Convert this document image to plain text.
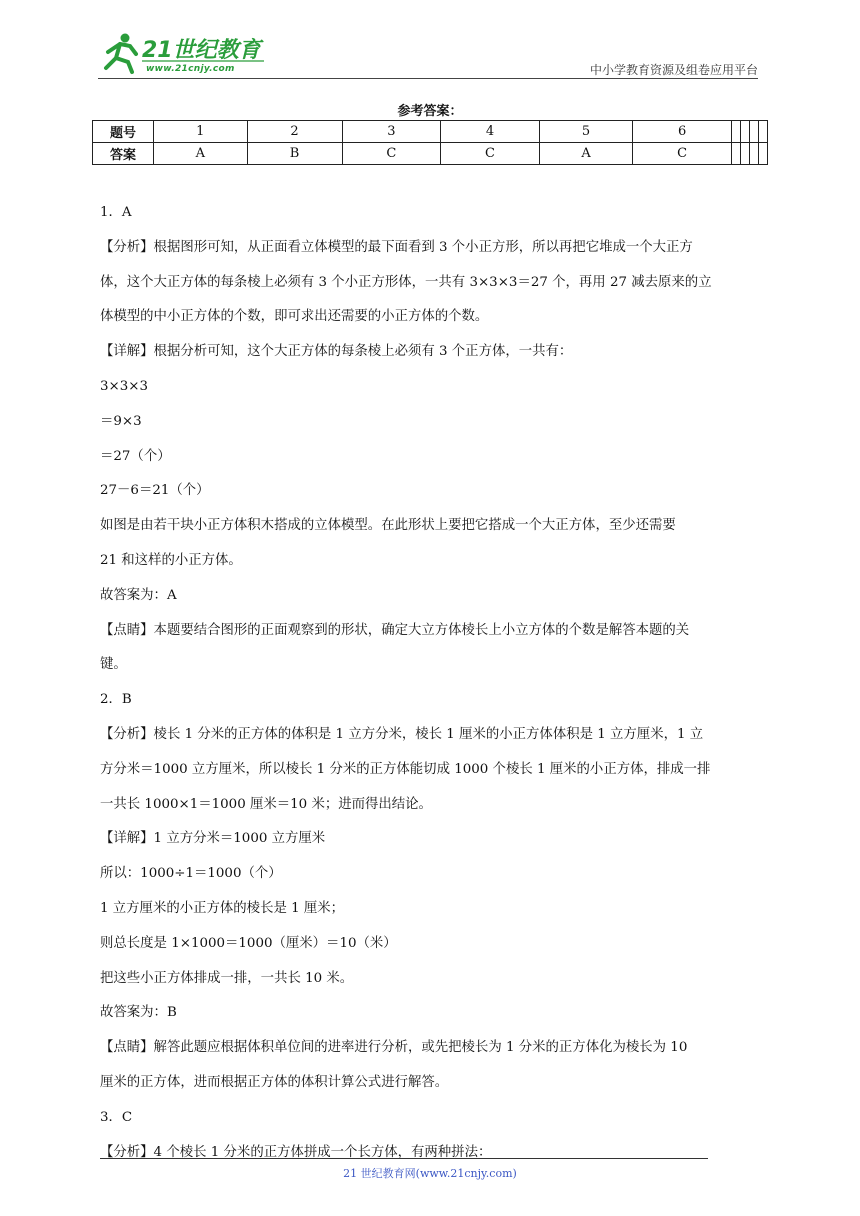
21世纪教育
www.21cnjy.com	中小学教育资源及组卷应用平台
参考答案：
题号	1	2	3	4	5	6				
答案	A	B	C	C	A	C				

1．A

【分析】根据图形可知，从正面看立体模型的最下面看到 3 个小正方形，所以再把它堆成一个大正方

体，这个大正方体的每条棱上必须有 3 个小正方形体，一共有 3×3×3＝27 个，再用 27 减去原来的立

体模型的中小正方体的个数，即可求出还需要的小正方体的个数。

【详解】根据分析可知，这个大正方体的每条棱上必须有 3 个正方体，一共有：

3×3×3

＝9×3

＝27（个）

27－6＝21（个）

如图是由若干块小正方体积木搭成的立体模型。在此形状上要把它搭成一个大正方体，至少还需要

21 和这样的小正方体。

故答案为：A

【点睛】本题要结合图形的正面观察到的形状，确定大立方体棱长上小立方体的个数是解答本题的关

键。

2．B

【分析】棱长 1 分米的正方体的体积是 1 立方分米，棱长 1 厘米的小正方体体积是 1 立方厘米，1 立

方分米＝1000 立方厘米，所以棱长 1 分米的正方体能切成 1000 个棱长 1 厘米的小正方体，排成一排

一共长 1000×1＝1000 厘米＝10 米；进而得出结论。

【详解】1 立方分米＝1000 立方厘米

所以：1000÷1＝1000（个）

1 立方厘米的小正方体的棱长是 1 厘米；

则总长度是 1×1000＝1000（厘米）＝10（米）

把这些小正方体排成一排，一共长 10 米。

故答案为：B

【点睛】解答此题应根据体积单位间的进率进行分析，或先把棱长为 1 分米的正方体化为棱长为 10

厘米的正方体，进而根据正方体的体积计算公式进行解答。

3．C

【分析】4 个棱长 1 分米的正方体拼成一个长方体，有两种拼法：

21 世纪教育网(www.21cnjy.com)
